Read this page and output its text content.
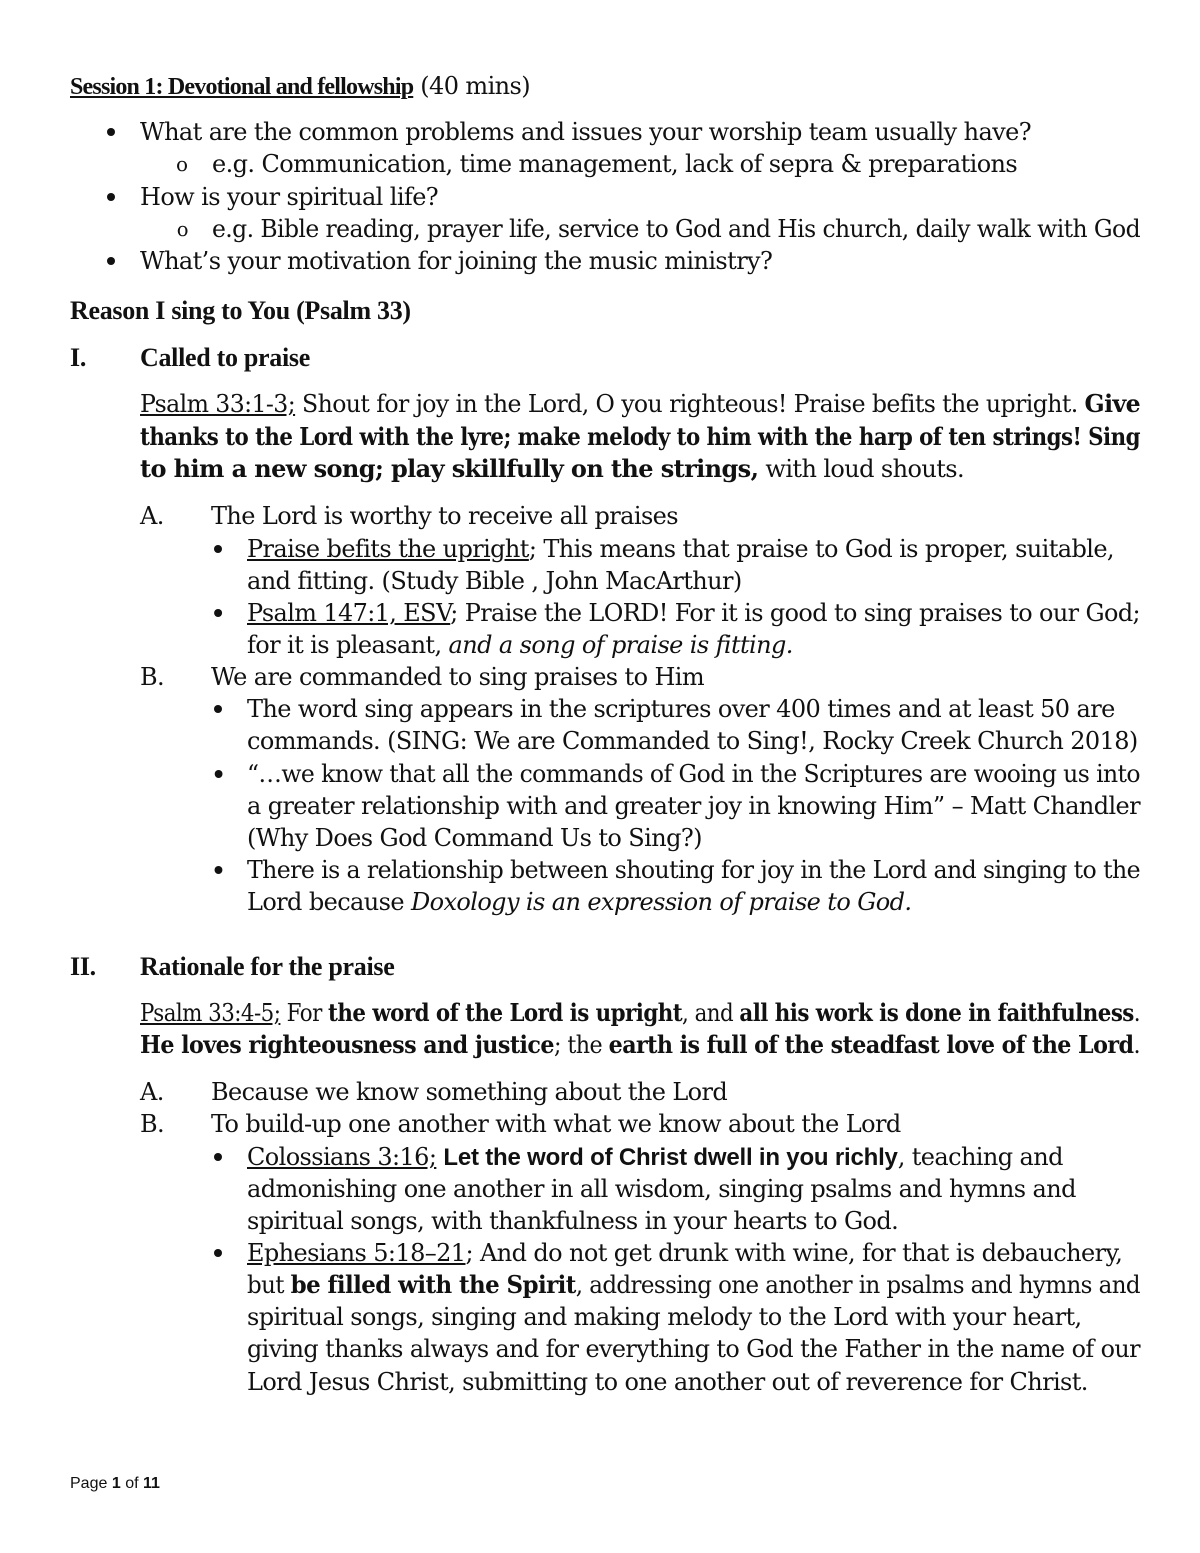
Session 1: Devotional and fellowship (40 mins)
What are the common problems and issues your worship team usually have?
o e.g. Communication, time management, lack of sepra & preparations
How is your spiritual life?
o e.g. Bible reading, prayer life, service to God and His church, daily walk with God
What’s your motivation for joining the music ministry?
Reason I sing to You (Psalm 33)
I. Called to praise
Psalm 33:1-3; Shout for joy in the Lord, O you righteous! Praise befits the upright. Give
thanks to the Lord with the lyre; make melody to him with the harp of ten strings! Sing
to him a new song; play skillfully on the strings, with loud shouts.
A. The Lord is worthy to receive all praises
Praise befits the upright; This means that praise to God is proper, suitable,
and fitting. (Study Bible , John MacArthur)
Psalm 147:1, ESV; Praise the LORD! For it is good to sing praises to our God;
for it is pleasant, and a song of praise is fitting.
B. We are commanded to sing praises to Him
The word sing appears in the scriptures over 400 times and at least 50 are
commands. (SING: We are Commanded to Sing!, Rocky Creek Church 2018)
“…we know that all the commands of God in the Scriptures are wooing us into
a greater relationship with and greater joy in knowing Him” – Matt Chandler
(Why Does God Command Us to Sing?)
There is a relationship between shouting for joy in the Lord and singing to the
Lord because Doxology is an expression of praise to God.
II. Rationale for the praise
Psalm 33:4-5; For the word of the Lord is upright, and all his work is done in faithfulness.
He loves righteousness and justice; the earth is full of the steadfast love of the Lord.
A. Because we know something about the Lord
B. To build-up one another with what we know about the Lord
Colossians 3:16; Let the word of Christ dwell in you richly, teaching and
admonishing one another in all wisdom, singing psalms and hymns and
spiritual songs, with thankfulness in your hearts to God.
Ephesians 5:18–21; And do not get drunk with wine, for that is debauchery,
but be filled with the Spirit, addressing one another in psalms and hymns and
spiritual songs, singing and making melody to the Lord with your heart,
giving thanks always and for everything to God the Father in the name of our
Lord Jesus Christ, submitting to one another out of reverence for Christ.
Page 1 of 11
